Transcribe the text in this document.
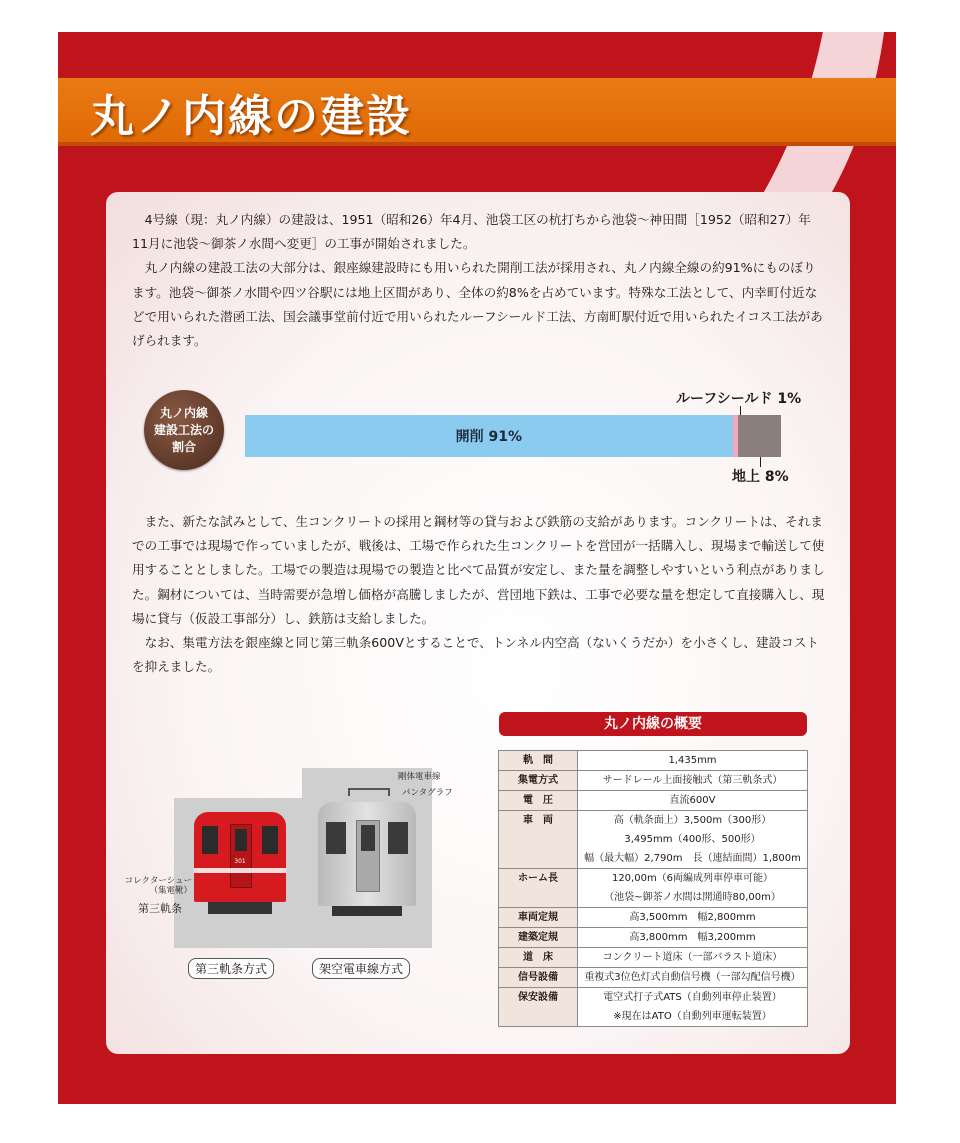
丸ノ内線の建設

4号線（現：丸ノ内線）の建設は、1951（昭和26）年4月、池袋工区の杭打ちから池袋～神田間［1952（昭和27）年11月に池袋～御茶ノ水間へ変更］の工事が開始されました。

丸ノ内線の建設工法の大部分は、銀座線建設時にも用いられた開削工法が採用され、丸ノ内線全線の約91%にものぼります。池袋～御茶ノ水間や四ツ谷駅には地上区間があり、全体の約8%を占めています。特殊な工法として、内幸町付近などで用いられた潜函工法、国会議事堂前付近で用いられたルーフシールド工法、方南町駅付近で用いられたイコス工法があげられます。

丸ノ内線
建設工法の
割合
開削 91%
ルーフシールド 1%
地上 8%

また、新たな試みとして、生コンクリートの採用と鋼材等の貸与および鉄筋の支給があります。コンクリートは、それまでの工事では現場で作っていましたが、戦後は、工場で作られた生コンクリートを営団が一括購入し、現場まで輸送して使用することとしました。工場での製造は現場での製造と比べて品質が安定し、また量を調整しやすいという利点がありました。鋼材については、当時需要が急増し価格が高騰しましたが、営団地下鉄は、工事で必要な量を想定して直接購入し、現場に貸与（仮設工事部分）し、鉄筋は支給しました。

なお、集電方法を銀座線と同じ第三軌条600Vとすることで、トンネル内空高（ないくうだか）を小さくし、建設コストを抑えました。

301
剛体電車線
パンタグラフ
コレクターシュー（集電靴）
第三軌条
第三軌条方式	架空電車線方式
丸ノ内線の概要
軌　間	1,435mm

集電方式	サードレール上面接触式（第三軌条式）

電　圧	直流600V

車　両	高（軌条面上）3,500m（300形）
3,495mm（400形、500形）
幅（最大幅）2,790m　長（連結面間）1,800m

ホーム長	120,00m（6両編成列車停車可能）
（池袋~御茶ノ水間は開通時80,00m）

車両定規	高3,500mm　幅2,800mm

建築定規	高3,800mm　幅3,200mm

道　床	コンクリート道床（一部バラスト道床）

信号設備	重複式3位色灯式自動信号機（一部勾配信号機）

保安設備	電空式打子式ATS（自動列車停止装置）
※現在はATO（自動列車運転装置）
